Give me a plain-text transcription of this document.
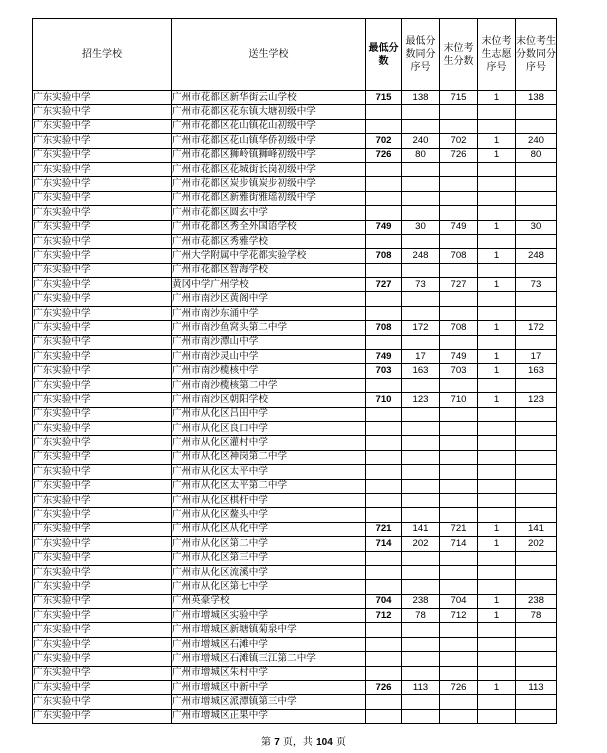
招生学校	送生学校	最低分数	最低分数同分序号	末位考生分数	末位考生志愿序号	末位考生分数同分序号
广东实验中学	广州市花都区新华街云山学校	715	138	715	1	138
广东实验中学	广州市花都区花东镇大塘初级中学					
广东实验中学	广州市花都区花山镇花山初级中学					
广东实验中学	广州市花都区花山镇华侨初级中学	702	240	702	1	240
广东实验中学	广州市花都区狮岭镇狮峰初级中学	726	80	726	1	80
广东实验中学	广州市花都区花城街长岗初级中学					
广东实验中学	广州市花都区炭步镇炭步初级中学					
广东实验中学	广州市花都区新雅街雅瑶初级中学					
广东实验中学	广州市花都区圆玄中学					
广东实验中学	广州市花都区秀全外国语学校	749	30	749	1	30
广东实验中学	广州市花都区秀雅学校					
广东实验中学	广州大学附属中学花都实验学校	708	248	708	1	248
广东实验中学	广州市花都区智海学校					
广东实验中学	黄冈中学广州学校	727	73	727	1	73
广东实验中学	广州市南沙区黄阁中学					
广东实验中学	广州市南沙东涌中学					
广东实验中学	广州市南沙鱼窝头第二中学	708	172	708	1	172
广东实验中学	广州市南沙潭山中学					
广东实验中学	广州市南沙灵山中学	749	17	749	1	17
广东实验中学	广州市南沙榄核中学	703	163	703	1	163
广东实验中学	广州市南沙榄核第二中学					
广东实验中学	广州市南沙区朝阳学校	710	123	710	1	123
广东实验中学	广州市从化区吕田中学					
广东实验中学	广州市从化区良口中学					
广东实验中学	广州市从化区灌村中学					
广东实验中学	广州市从化区神岗第二中学					
广东实验中学	广州市从化区太平中学					
广东实验中学	广州市从化区太平第二中学					
广东实验中学	广州市从化区棋杆中学					
广东实验中学	广州市从化区鳌头中学					
广东实验中学	广州市从化区从化中学	721	141	721	1	141
广东实验中学	广州市从化区第二中学	714	202	714	1	202
广东实验中学	广州市从化区第三中学					
广东实验中学	广州市从化区流溪中学					
广东实验中学	广州市从化区第七中学					
广东实验中学	广州英豪学校	704	238	704	1	238
广东实验中学	广州市增城区实验中学	712	78	712	1	78
广东实验中学	广州市增城区新塘镇菊泉中学					
广东实验中学	广州市增城区石滩中学					
广东实验中学	广州市增城区石滩镇三江第二中学					
广东实验中学	广州市增城区朱村中学					
广东实验中学	广州市增城区中新中学	726	113	726	1	113
广东实验中学	广州市增城区派潭镇第三中学					
广东实验中学	广州市增城区正果中学					
第 7 页，共 104 页
